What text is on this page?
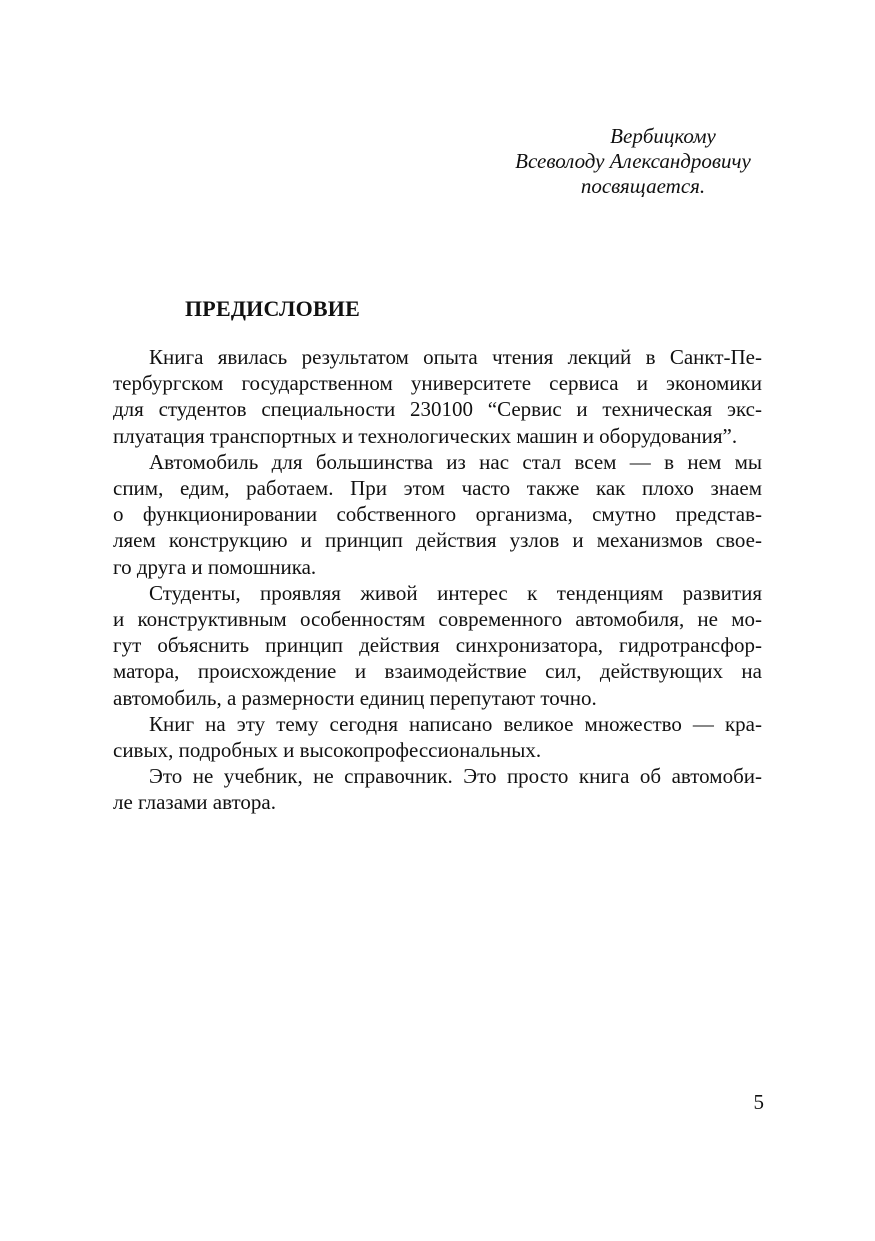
Вербицкому
Всеволоду Александровичу
посвящается.
ПРЕДИСЛОВИЕ
Книга явилась результатом опыта чтения лекций в Санкт-Пе-
тербургском государственном университете сервиса и экономики
для студентов специальности 230100 “Сервис и техническая экс-
плуатация транспортных и технологических машин и оборудования”.
Автомобиль для большинства из нас стал всем — в нем мы
спим, едим, работаем. При этом часто также как плохо знаем
о функционировании собственного организма, смутно представ-
ляем конструкцию и принцип действия узлов и механизмов свое-
го друга и помошника.
Студенты, проявляя живой интерес к тенденциям развития
и конструктивным особенностям современного автомобиля, не мо-
гут объяснить принцип действия синхронизатора, гидротрансфор-
матора, происхождение и взаимодействие сил, действующих на
автомобиль, а размерности единиц перепутают точно.
Книг на эту тему сегодня написано великое множество — кра-
сивых, подробных и высокопрофессиональных.
Это не учебник, не справочник. Это просто книга об автомоби-
ле глазами автора.
5
